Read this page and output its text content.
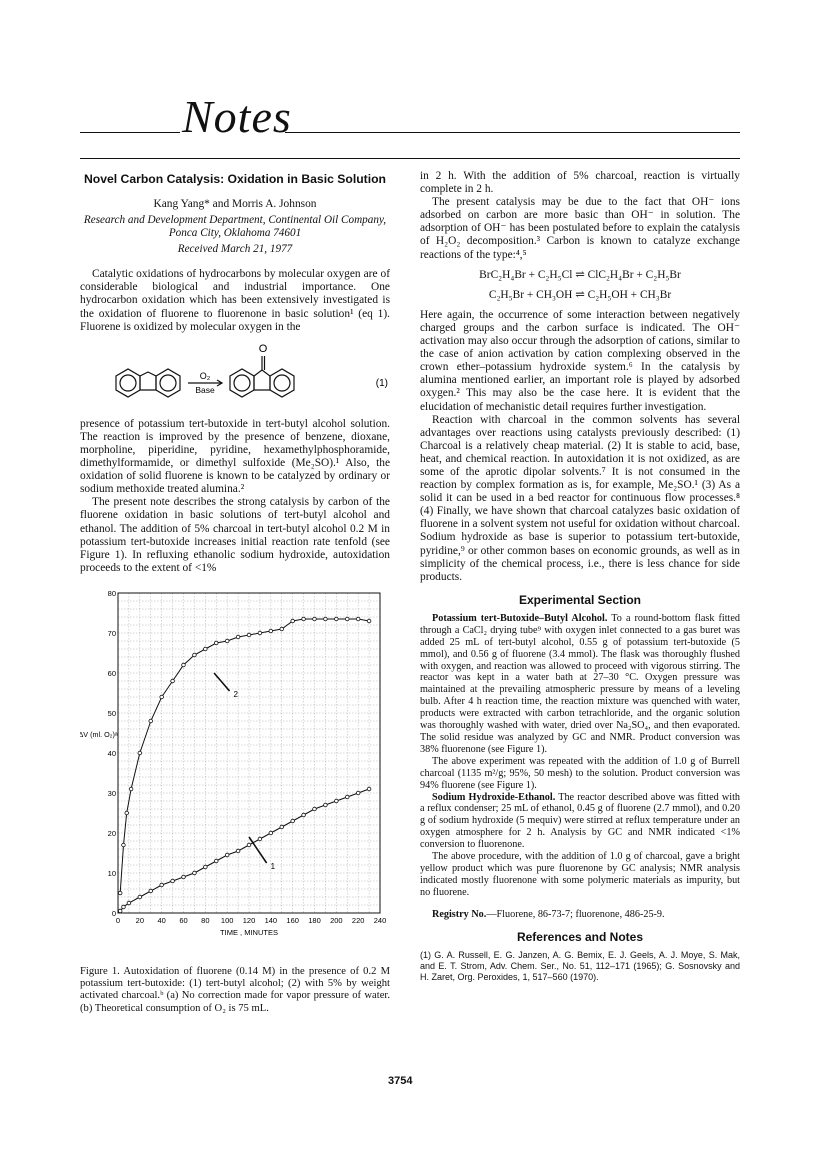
Notes
Novel Carbon Catalysis: Oxidation in Basic Solution
Kang Yang* and Morris A. Johnson
Research and Development Department, Continental Oil Company, Ponca City, Oklahoma 74601
Received March 21, 1977

Catalytic oxidations of hydrocarbons by molecular oxygen are of considerable biological and industrial importance. One hydrocarbon oxidation which has been extensively investigated is the oxidation of fluorene to fluorenone in basic solution¹ (eq 1). Fluorene is oxidized by molecular oxygen in the

O₂
Base
O
(1)

presence of potassium tert-butoxide in tert-butyl alcohol solution. The reaction is improved by the presence of benzene, dioxane, morpholine, piperidine, pyridine, hexamethylphosphoramide, dimethylformamide, or dimethyl sulfoxide (Me₂SO).¹ Also, the oxidation of solid fluorene is known to be catalyzed by ordinary or sodium methoxide treated alumina.²

The present note describes the strong catalysis by carbon of the fluorene oxidation in basic solutions of tert-butyl alcohol and ethanol. The addition of 5% charcoal in tert-butyl alcohol 0.2 M in potassium tert-butoxide increases initial reaction rate tenfold (see Figure 1). In refluxing ethanolic sodium hydroxide, autoxidation proceeds to the extent of <1%

0 20 40 60 80 100 120 140 160 180 200 220 240
0
10
20
30
40
50
60
70
80
TIME , MINUTES
ΔV (ml. O₂)ᵃ
1
2

Figure 1. Autoxidation of fluorene (0.14 M) in the presence of 0.2 M potassium tert-butoxide: (1) tert-butyl alcohol; (2) with 5% by weight activated charcoal.ᵇ (a) No correction made for vapor pressure of water. (b) Theoretical consumption of O₂ is 75 mL.

in 2 h. With the addition of 5% charcoal, reaction is virtually complete in 2 h.

The present catalysis may be due to the fact that OH⁻ ions adsorbed on carbon are more basic than OH⁻ in solution. The adsorption of OH⁻ has been postulated before to explain the catalysis of H₂O₂ decomposition.³ Carbon is known to catalyze exchange reactions of the type:⁴,⁵

BrC₂H₄Br + C₂H₅Cl ⇌ ClC₂H₄Br + C₂H₅Br
C₂H₅Br + CH₃OH ⇌ C₂H₅OH + CH₃Br

Here again, the occurrence of some interaction between negatively charged groups and the carbon surface is indicated. The OH⁻ activation may also occur through the adsorption of cations, similar to the case of anion activation by cation complexing observed in the crown ether–potassium hydroxide system.⁶ In the catalysis by alumina mentioned earlier, an important role is played by adsorbed oxygen.² This may also be the case here. It is evident that the elucidation of mechanistic detail requires further investigation.

Reaction with charcoal in the common solvents has several advantages over reactions using catalysts previously described: (1) Charcoal is a relatively cheap material. (2) It is stable to acid, base, heat, and chemical reaction. In autoxidation it is not oxidized, as are some of the aprotic dipolar solvents.⁷ It is not consumed in the reaction by complex formation as is, for example, Me₂SO.¹ (3) As a solid it can be used in a bed reactor for continuous flow processes.⁸ (4) Finally, we have shown that charcoal catalyzes basic oxidation of fluorene in a solvent system not useful for oxidation without charcoal. Sodium hydroxide as base is superior to potassium tert-butoxide, pyridine,⁹ or other common bases on economic grounds, as well as in simplicity of the chemical process, i.e., there is less chance for side products.

Experimental Section

Potassium tert-Butoxide–Butyl Alcohol. To a round-bottom flask fitted through a CaCl₂ drying tube⁹ with oxygen inlet connected to a gas buret was added 25 mL of tert-butyl alcohol, 0.55 g of potassium tert-butoxide (5 mmol), and 0.56 g of fluorene (3.4 mmol). The flask was thoroughly flushed with oxygen, and reaction was allowed to proceed with vigorous stirring. The reactor was kept in a water bath at 27–30 °C. Oxygen pressure was maintained at the prevailing atmospheric pressure by means of a leveling bulb. After 4 h reaction time, the reaction mixture was quenched with water, products were extracted with carbon tetrachloride, and the organic solution was thoroughly washed with water, dried over Na₂SO₄, and then evaporated. The solid residue was analyzed by GC and NMR. Product conversion was 38% fluorenone (see Figure 1).

The above experiment was repeated with the addition of 1.0 g of Burrell charcoal (1135 m²/g; 95%, 50 mesh) to the solution. Product conversion was 94% fluorene (see Figure 1).

Sodium Hydroxide-Ethanol. The reactor described above was fitted with a reflux condenser; 25 mL of ethanol, 0.45 g of fluorene (2.7 mmol), and 0.20 g of sodium hydroxide (5 mequiv) were stirred at reflux temperature under an oxygen atmosphere for 2 h. Analysis by GC and NMR indicated <1% conversion to fluorenone.

The above procedure, with the addition of 1.0 g of charcoal, gave a bright yellow product which was pure fluorenone by GC analysis; NMR analysis indicated mostly fluorenone with some polymeric materials as impurity, but no fluorene.

Registry No.—Fluorene, 86-73-7; fluorenone, 486-25-9.

References and Notes

(1) G. A. Russell, E. G. Janzen, A. G. Bemix, E. J. Geels, A. J. Moye, S. Mak, and E. T. Strom, Adv. Chem. Ser., No. 51, 112–171 (1965); G. Sosnovsky and H. Zaret, Org. Peroxides, 1, 517–560 (1970).

3754
